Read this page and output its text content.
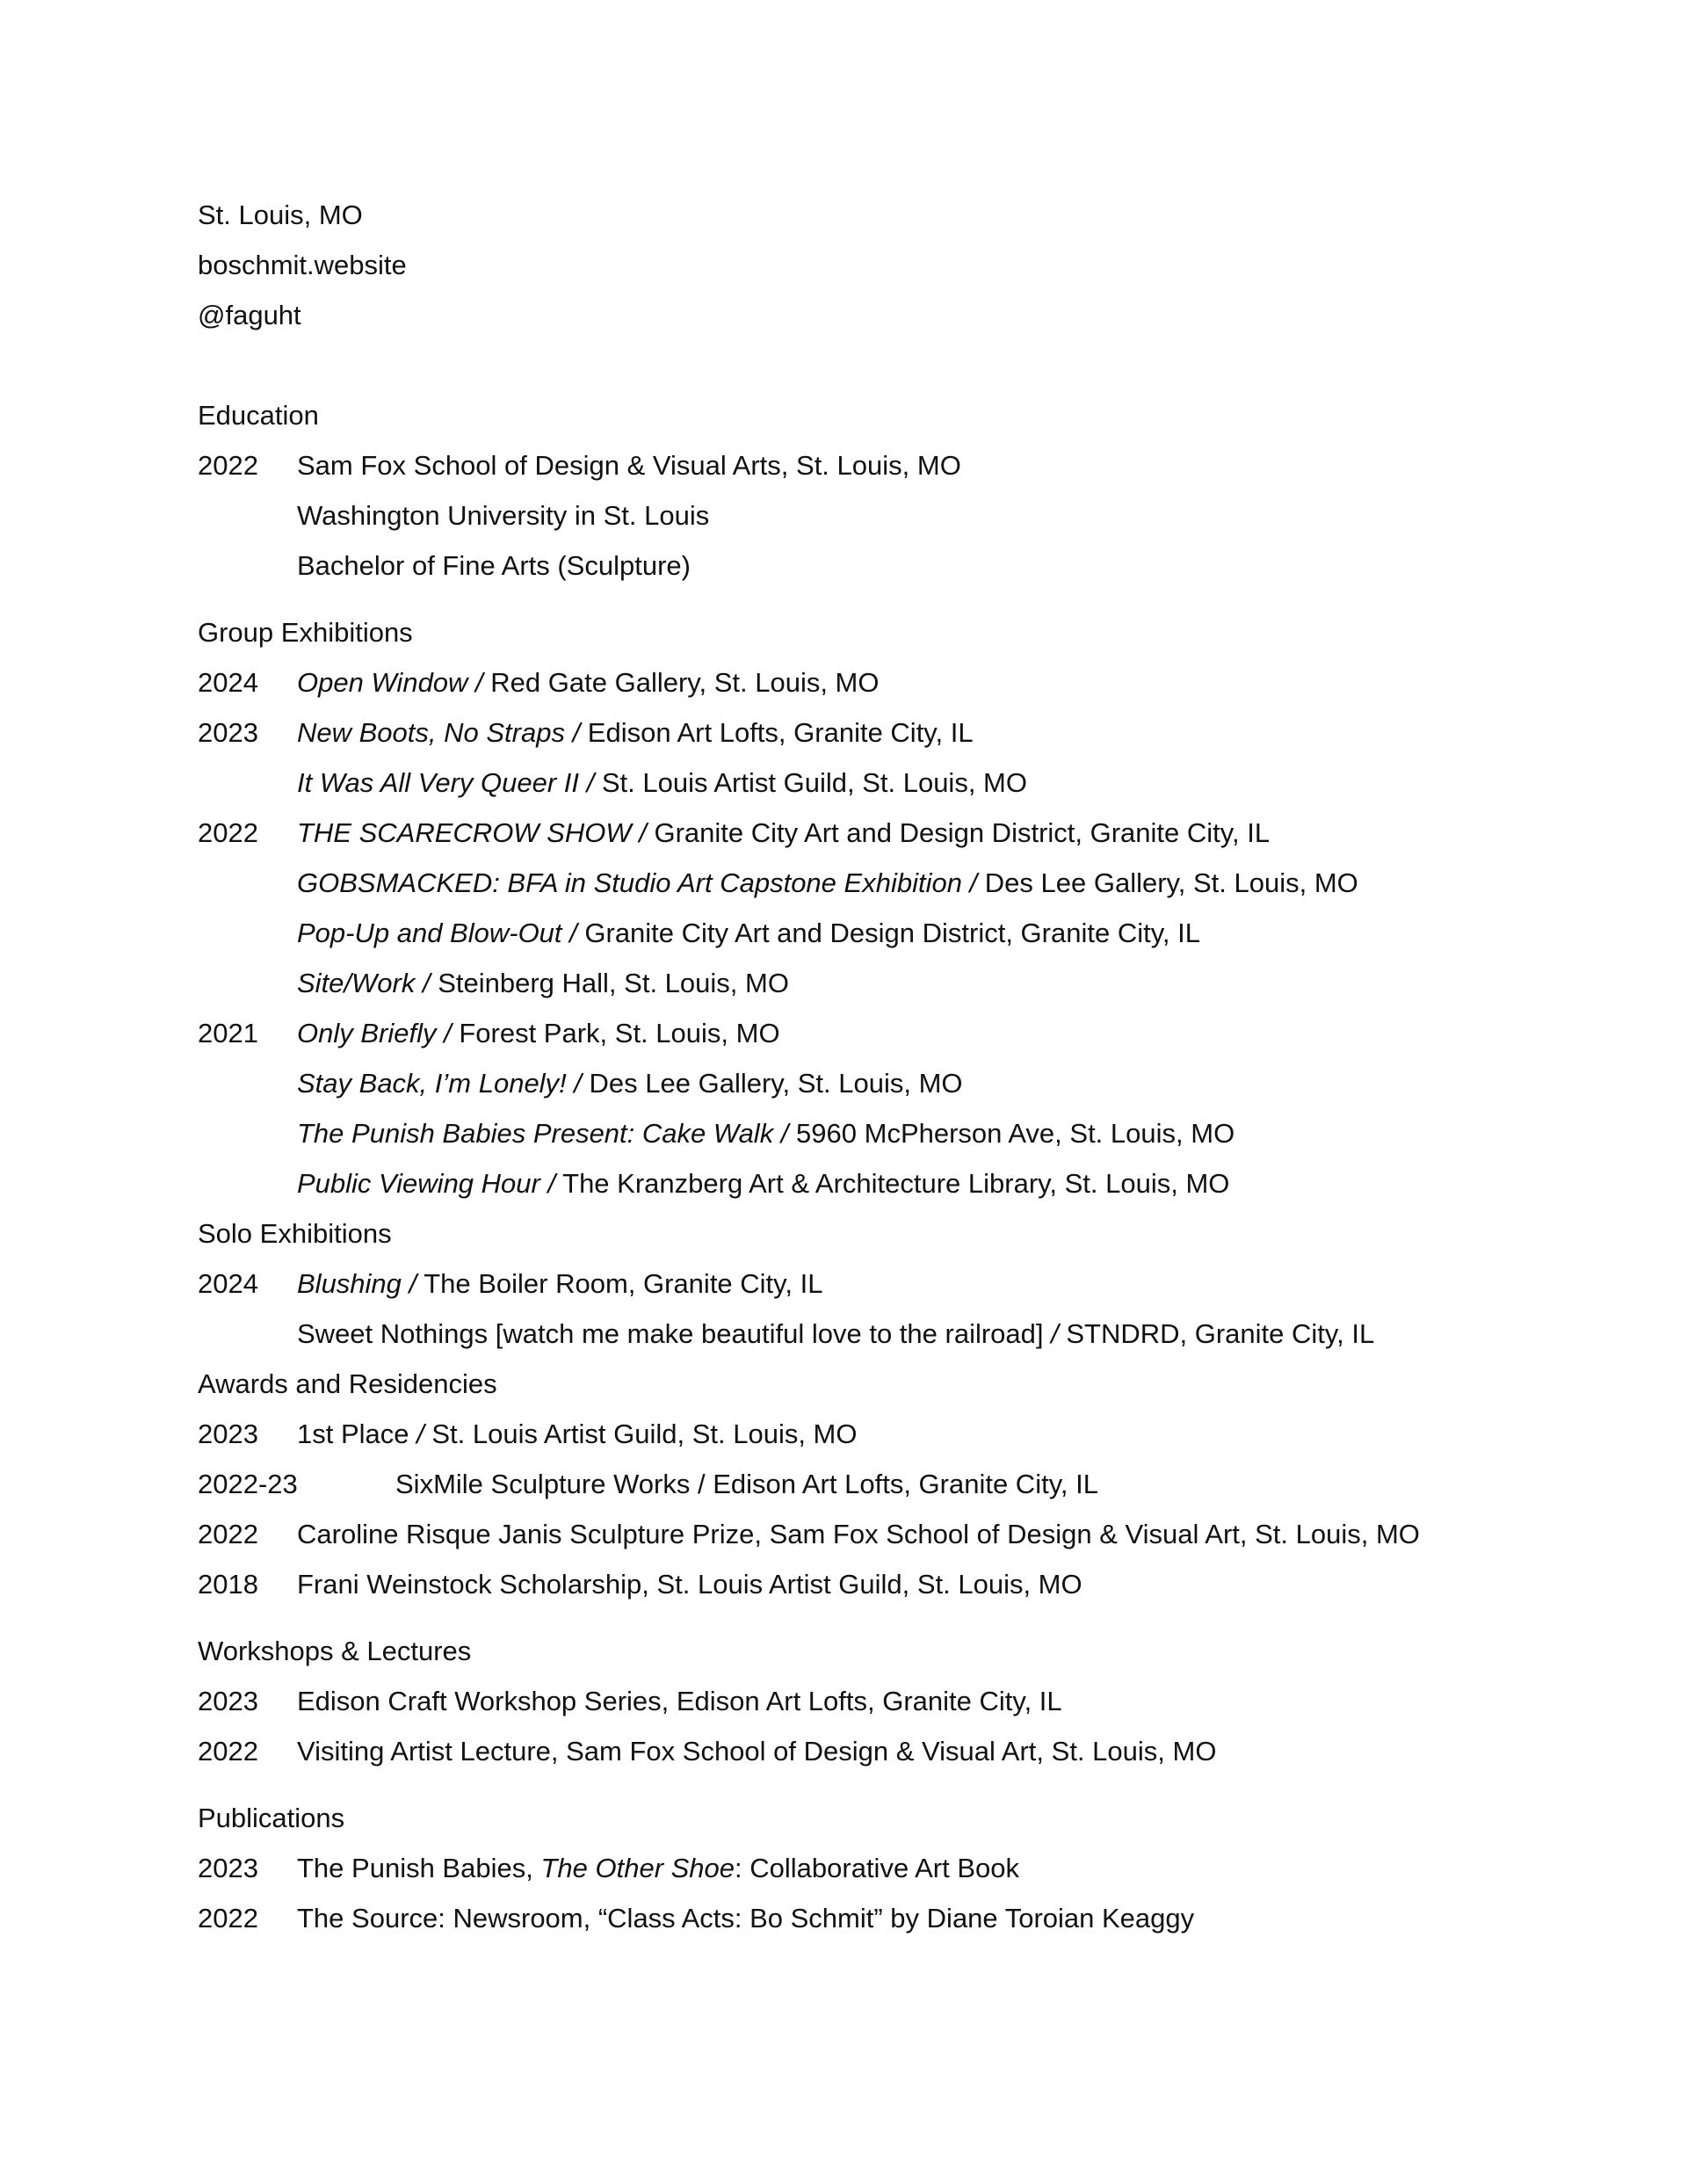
St. Louis, MO
boschmit.website
@faguht
Education
2022	Sam Fox School of Design & Visual Arts, St. Louis, MO
Washington University in St. Louis
Bachelor of Fine Arts (Sculpture)
Group Exhibitions
2024	Open Window / Red Gate Gallery, St. Louis, MO
2023	New Boots, No Straps / Edison Art Lofts, Granite City, IL
It Was All Very Queer II / St. Louis Artist Guild, St. Louis, MO
2022	THE SCARECROW SHOW / Granite City Art and Design District, Granite City, IL
GOBSMACKED: BFA in Studio Art Capstone Exhibition / Des Lee Gallery, St. Louis, MO
Pop-Up and Blow-Out / Granite City Art and Design District, Granite City, IL
Site/Work / Steinberg Hall, St. Louis, MO
2021	Only Briefly / Forest Park, St. Louis, MO
Stay Back, I’m Lonely! / Des Lee Gallery, St. Louis, MO
The Punish Babies Present: Cake Walk / 5960 McPherson Ave, St. Louis, MO
Public Viewing Hour / The Kranzberg Art & Architecture Library, St. Louis, MO
Solo Exhibitions
2024	Blushing / The Boiler Room, Granite City, IL
Sweet Nothings [watch me make beautiful love to the railroad] / STNDRD, Granite City, IL
Awards and Residencies
2023	1st Place / St. Louis Artist Guild, St. Louis, MO
2022-23	SixMile Sculpture Works / Edison Art Lofts, Granite City, IL
2022	Caroline Risque Janis Sculpture Prize, Sam Fox School of Design & Visual Art, St. Louis, MO
2018	Frani Weinstock Scholarship, St. Louis Artist Guild, St. Louis, MO
Workshops & Lectures
2023	Edison Craft Workshop Series, Edison Art Lofts, Granite City, IL
2022	Visiting Artist Lecture, Sam Fox School of Design & Visual Art, St. Louis, MO
Publications
2023	The Punish Babies, The Other Shoe: Collaborative Art Book
2022	The Source: Newsroom, “Class Acts: Bo Schmit” by Diane Toroian Keaggy
